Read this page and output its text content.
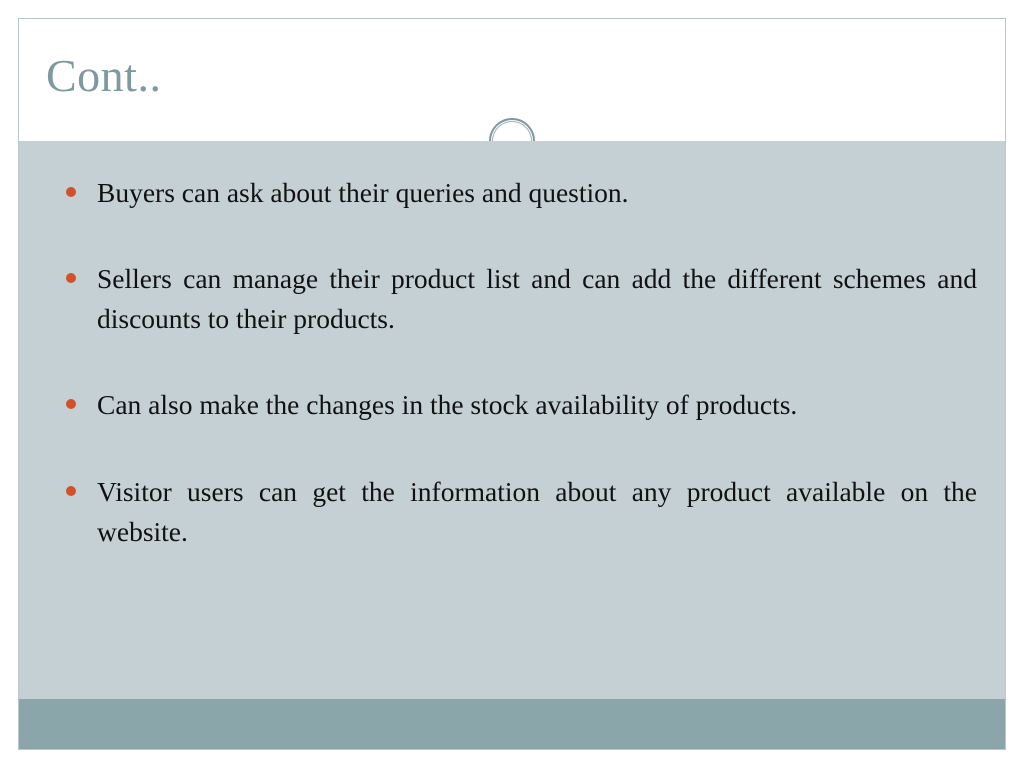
Cont..
Buyers can ask about their queries and question.
Sellers can manage their product list and can add the different schemes and discounts to their products.
Can also make the changes in the stock availability of products.
Visitor users can get the information about any product available on the website.
